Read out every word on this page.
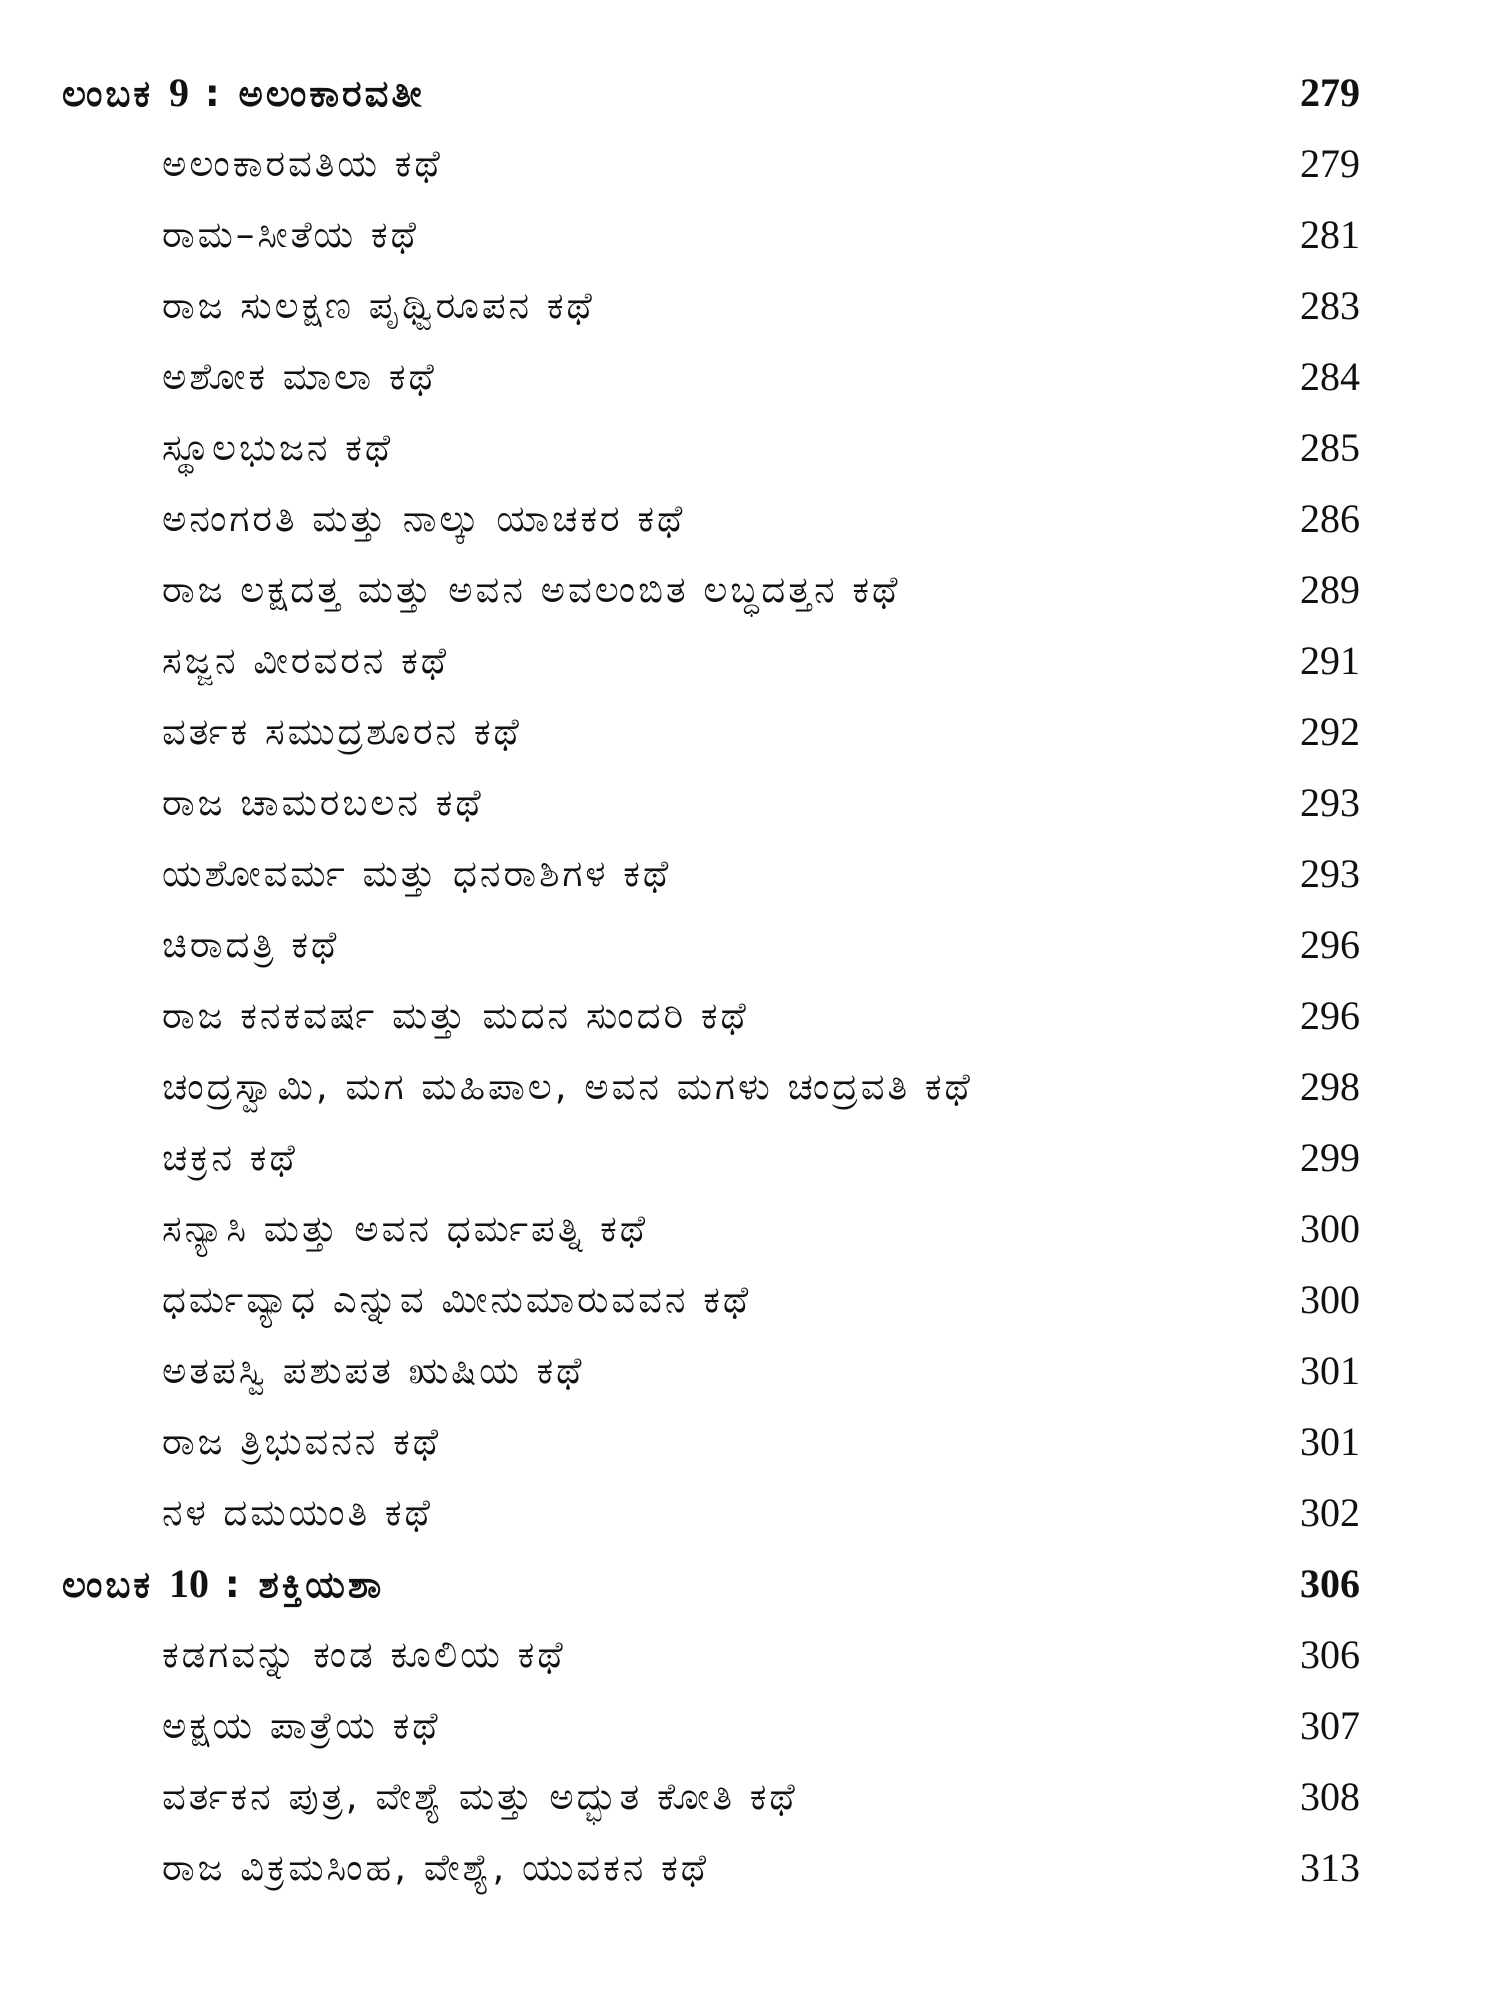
ಲಂಬಕ 9 : ಅಲಂಕಾರವತೀ	279
ಅಲಂಕಾರವತಿಯ ಕಥೆ	279
ರಾಮ–ಸೀತೆಯ ಕಥೆ	281
ರಾಜ ಸುಲಕ್ಷಣ ಪೃಥ್ವಿರೂಪನ ಕಥೆ	283
ಅಶೋಕ ಮಾಲಾ ಕಥೆ	284
ಸ್ಥೂಲಭುಜನ ಕಥೆ	285
ಅನಂಗರತಿ ಮತ್ತು ನಾಲ್ಕು ಯಾಚಕರ ಕಥೆ	286
ರಾಜ ಲಕ್ಷದತ್ತ ಮತ್ತು ಅವನ ಅವಲಂಬಿತ ಲಬ್ಧದತ್ತನ ಕಥೆ	289
ಸಜ್ಜನ ವೀರವರನ ಕಥೆ	291
ವರ್ತಕ ಸಮುದ್ರಶೂರನ ಕಥೆ	292
ರಾಜ ಚಾಮರಬಲನ ಕಥೆ	293
ಯಶೋವರ್ಮ ಮತ್ತು ಧನರಾಶಿಗಳ ಕಥೆ	293
ಚಿರಾದತ್ರಿ ಕಥೆ	296
ರಾಜ ಕನಕವರ್ಷ ಮತ್ತು ಮದನ ಸುಂದರಿ ಕಥೆ	296
ಚಂದ್ರಸ್ವಾಮಿ, ಮಗ ಮಹಿಪಾಲ, ಅವನ ಮಗಳು ಚಂದ್ರವತಿ ಕಥೆ	298
ಚಕ್ರನ ಕಥೆ	299
ಸನ್ಯಾಸಿ ಮತ್ತು ಅವನ ಧರ್ಮಪತ್ನಿ ಕಥೆ	300
ಧರ್ಮವ್ಯಾಧ ಎನ್ನುವ ಮೀನುಮಾರುವವನ ಕಥೆ	300
ಅತಪಸ್ವಿ ಪಶುಪತ ಋಷಿಯ ಕಥೆ	301
ರಾಜ ತ್ರಿಭುವನನ ಕಥೆ	301
ನಳ ದಮಯಂತಿ ಕಥೆ	302
ಲಂಬಕ 10 : ಶಕ್ತಿಯಶಾ	306
ಕಡಗವನ್ನು ಕಂಡ ಕೂಲಿಯ ಕಥೆ	306
ಅಕ್ಷಯ ಪಾತ್ರೆಯ ಕಥೆ	307
ವರ್ತಕನ ಪುತ್ರ, ವೇಶ್ಯೆ ಮತ್ತು ಅದ್ಭುತ ಕೋತಿ ಕಥೆ	308
ರಾಜ ವಿಕ್ರಮಸಿಂಹ, ವೇಶ್ಯೆ, ಯುವಕನ ಕಥೆ	313
